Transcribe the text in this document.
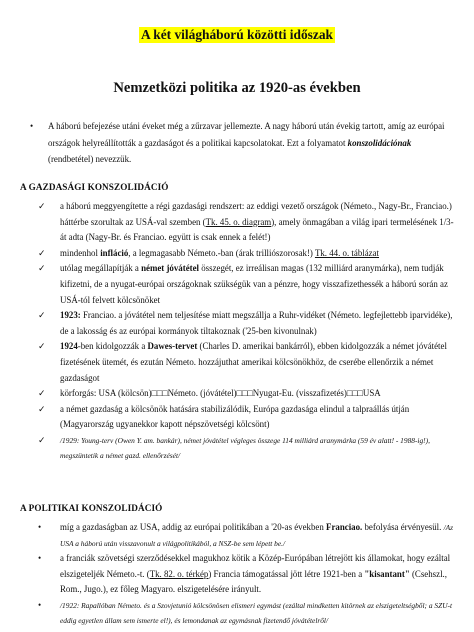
A két világháború közötti időszak
Nemzetközi politika az 1920-as években
• A háború befejezése utáni éveket még a zűrzavar jellemezte. A nagy háború után évekig tartott, amíg az európai országok helyreállították a gazdaságot és a politikai kapcsolatokat. Ezt a folyamatot konszolidációnak (rendbetétel) nevezzük.
A GAZDASÁGI KONSZOLIDÁCIÓ
✓ a háború meggyengítette a régi gazdasági rendszert: az eddigi vezető országok (Németo., Nagy-Br., Franciao.) háttérbe szorultak az USÁ-val szemben (Tk. 45. o. diagram), amely önmagában a világ ipari termelésének 1/3-át adta (Nagy-Br. és Franciao. együtt is csak ennek a felét!)
✓ mindenhol infláció, a legmagasabb Németo.-ban (árak trilliószorosak!) Tk. 44. o. táblázat
✓ utólag megállapítják a német jóvátétel összegét, ez irreálisan magas (132 milliárd aranymárka), nem tudják kifizetni, de a nyugat-európai országoknak szükségük van a pénzre, hogy visszafizethessék a háború során az USÁ-tól felvett kölcsönöket
✓ 1923: Franciao. a jóvátétel nem teljesítése miatt megszállja a Ruhr-vidéket (Németo. legfejlettebb iparvidéke), de a lakosság és az európai kormányok tiltakoznak ('25-ben kivonulnak)
✓ 1924-ben kidolgozzák a Dawes-tervet (Charles D. amerikai bankárról), ebben kidolgozzák a német jóvátétel fizetésének ütemét, és ezután Németo. hozzájuthat amerikai kölcsönökhöz, de cserébe ellenőrzik a német gazdaságot
✓ körforgás: USA (kölcsön)□□□Németo. (jóvátétel)□□□Nyugat-Eu. (visszafizetés)□□□USA
✓ a német gazdaság a kölcsönök hatására stabilizálódik, Európa gazdasága elindul a talpraállás útján (Magyarország ugyanekkor kapott népszövetségi kölcsönt)
✓ /1929: Young-terv (Owen Y. am. bankár), német jóvátétel végleges összege 114 milliárd aranymárka (59 év alatt! - 1988-ig!), megszüntetik a német gazd. ellenőrzését/
A POLITIKAI KONSZOLIDÁCIÓ
• míg a gazdaságban az USA, addig az európai politikában a '20-as években Franciao. befolyása érvényesül. /Az USA a háború után visszavonult a világpolitikából, a NSZ-be sem lépett be./
• a franciák szövetségi szerződésekkel magukhoz kötik a Közép-Európában létrejött kis államokat, hogy ezáltal elszigeteljék Németo.-t. (Tk. 82. o. térkép) Francia támogatással jött létre 1921-ben a "kisantant" (Csehszl., Rom., Jugo.), ez főleg Magyaro. elszigetelésére irányult.
•	/1922: Rapallóban Németo. és a Szovjetunió kölcsönösen elismeri egymást (ezáltal mindketten kitörnek az elszigeteltségből; a SZU-t eddig egyetlen állam sem ismerte el!), és lemondanak az egymásnak fizetendő jóvátételről/
